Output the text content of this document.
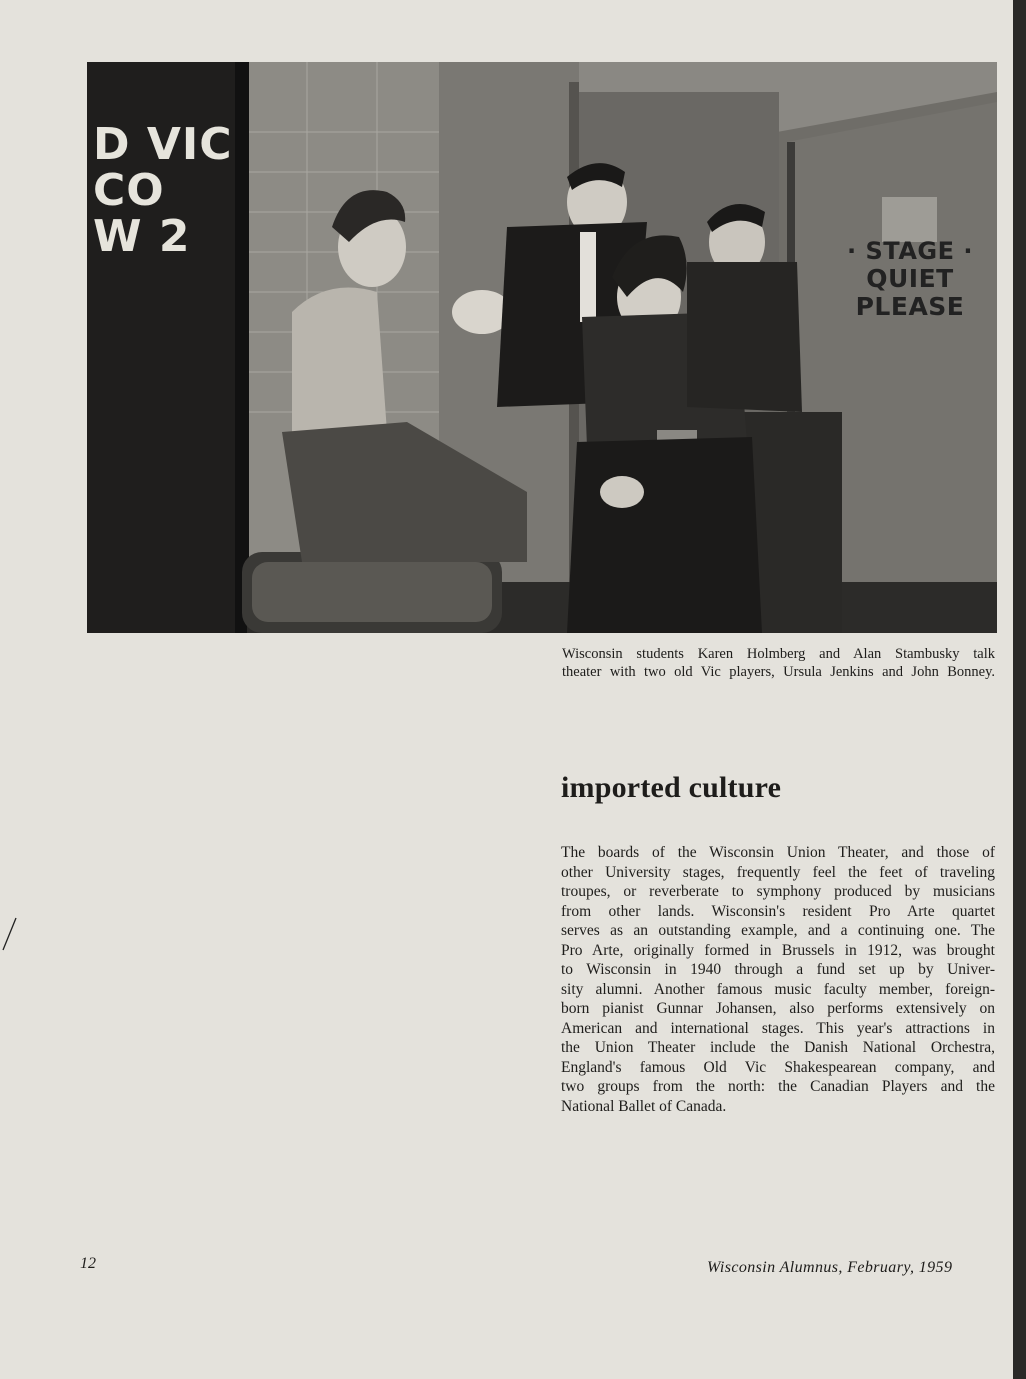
D VIC
CO
W 2	· STAGE ·
QUIET PLEASE
Wisconsin students Karen Holmberg and Alan Stambusky talk
theater with two old Vic players, Ursula Jenkins and John Bonney.
imported culture
The boards of the Wisconsin Union Theater, and those of
other University stages, frequently feel the feet of traveling
troupes, or reverberate to symphony produced by musicians
from other lands. Wisconsin's resident Pro Arte quartet
serves as an outstanding example, and a continuing one. The
Pro Arte, originally formed in Brussels in 1912, was brought
to Wisconsin in 1940 through a fund set up by Univer-
sity alumni. Another famous music faculty member, foreign-
born pianist Gunnar Johansen, also performs extensively on
American and international stages. This year's attractions in
the Union Theater include the Danish National Orchestra,
England's famous Old Vic Shakespearean company, and
two groups from the north: the Canadian Players and the
National Ballet of Canada.
12	Wisconsin Alumnus, February, 1959
